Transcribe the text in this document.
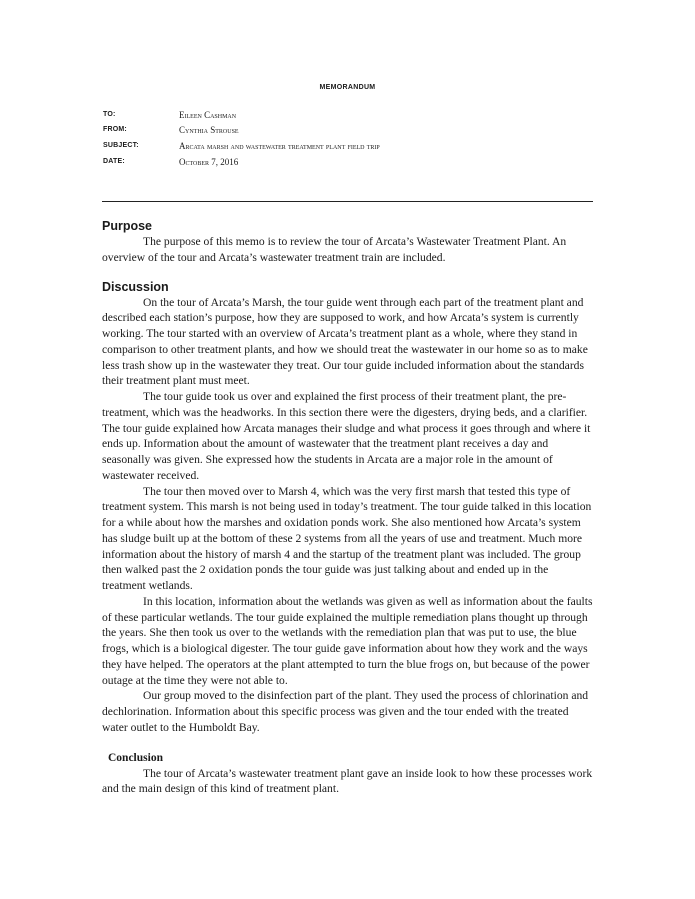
MEMORANDUM
TO:	Eileen Cashman
FROM:	Cynthia Strouse
SUBJECT:	Arcata marsh and wastewater treatment plant field trip
DATE:	October 7, 2016
Purpose

The purpose of this memo is to review the tour of Arcata’s Wastewater Treatment Plant. An overview of the tour and Arcata’s wastewater treatment train are included.

Discussion

On the tour of Arcata’s Marsh, the tour guide went through each part of the treatment plant and described each station’s purpose, how they are supposed to work, and how Arcata’s system is currently working. The tour started with an overview of Arcata’s treatment plant as a whole, where they stand in comparison to other treatment plants, and how we should treat the wastewater in our home so as to make less trash show up in the wastewater they treat. Our tour guide included information about the standards their treatment plant must meet.

The tour guide took us over and explained the first process of their treatment plant, the pre-treatment, which was the headworks. In this section there were the digesters, drying beds, and a clarifier. The tour guide explained how Arcata manages their sludge and what process it goes through and where it ends up. Information about the amount of wastewater that the treatment plant receives a day and seasonally was given. She expressed how the students in Arcata are a major role in the amount of wastewater received.

The tour then moved over to Marsh 4, which was the very first marsh that tested this type of treatment system. This marsh is not being used in today’s treatment. The tour guide talked in this location for a while about how the marshes and oxidation ponds work. She also mentioned how Arcata’s system has sludge built up at the bottom of these 2 systems from all the years of use and treatment. Much more information about the history of marsh 4 and the startup of the treatment plant was included. The group then walked past the 2 oxidation ponds the tour guide was just talking about and ended up in the treatment wetlands.

In this location, information about the wetlands was given as well as information about the faults of these particular wetlands. The tour guide explained the multiple remediation plans thought up through the years. She then took us over to the wetlands with the remediation plan that was put to use, the blue frogs, which is a biological digester. The tour guide gave information about how they work and the ways they have helped. The operators at the plant attempted to turn the blue frogs on, but because of the power outage at the time they were not able to.

Our group moved to the disinfection part of the plant. They used the process of chlorination and dechlorination. Information about this specific process was given and the tour ended with the treated water outlet to the Humboldt Bay.

Conclusion

The tour of Arcata’s wastewater treatment plant gave an inside look to how these processes work and the main design of this kind of treatment plant.
